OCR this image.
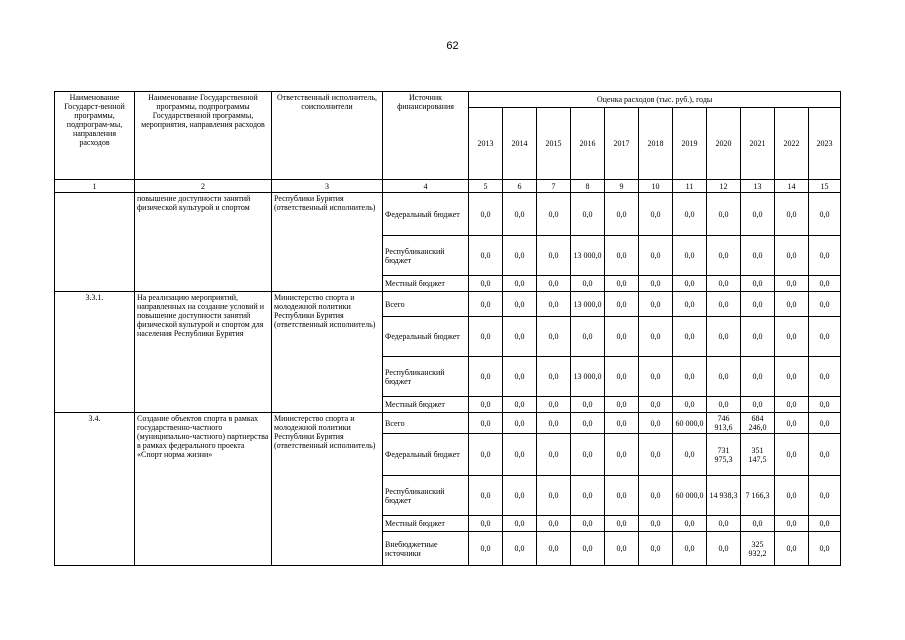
62
Наименование Государст-венной программы, подпрограм-мы, направления расходов	Наименование Государственной программы, подпрограммы Государственной программы, мероприятия, направления расходов	Ответственный исполнитель, соисполнители	Источник финансирования	Оценка расходов (тыс. руб.), годы										
				2013	2014	2015	2016	2017	2018	2019	2020	2021	2022	2023
1	2	3	4	5	6	7	8	9	10	11	12	13	14	15
	повышение доступности занятий физической культурой и спортом	Республики Бурятия (ответственный исполнитель)	Федеральный бюджет	0,0	0,0	0,0	0,0	0,0	0,0	0,0	0,0	0,0	0,0	0,0
			Республиканский бюджет	0,0	0,0	0,0	13 000,0	0,0	0,0	0,0	0,0	0,0	0,0	0,0
			Местный бюджет	0,0	0,0	0,0	0,0	0,0	0,0	0,0	0,0	0,0	0,0	0,0
3.3.1.	На реализацию мероприятий, направленных на создание условий и повышение доступности занятий физической культурой и спортом для населения Республики Бурятия	Министерство спорта и молодежной политики Республики Бурятия (ответственный исполнитель)	Всего	0,0	0,0	0,0	13 000,0	0,0	0,0	0,0	0,0	0,0	0,0	0,0
			Федеральный бюджет	0,0	0,0	0,0	0,0	0,0	0,0	0,0	0,0	0,0	0,0	0,0
			Республиканский бюджет	0,0	0,0	0,0	13 000,0	0,0	0,0	0,0	0,0	0,0	0,0	0,0
			Местный бюджет	0,0	0,0	0,0	0,0	0,0	0,0	0,0	0,0	0,0	0,0	0,0
3.4.	Создание объектов спорта в рамках государственно-частного (муниципально-частного) партнерства в рамках федерального проекта «Спорт норма жизни»	Министерство спорта и молодежной политики Республики Бурятия (ответственный исполнитель)	Всего	0,0	0,0	0,0	0,0	0,0	0,0	60 000,0	746 913,6	684 246,0	0,0	0,0
			Федеральный бюджет	0,0	0,0	0,0	0,0	0,0	0,0	0,0	731 975,3	351 147,5	0,0	0,0
			Республиканский бюджет	0,0	0,0	0,0	0,0	0,0	0,0	60 000,0	14 938,3	7 166,3	0,0	0,0
			Местный бюджет	0,0	0,0	0,0	0,0	0,0	0,0	0,0	0,0	0,0	0,0	0,0
			Внебюджетные источники	0,0	0,0	0,0	0,0	0,0	0,0	0,0	0,0	325 932,2	0,0	0,0
